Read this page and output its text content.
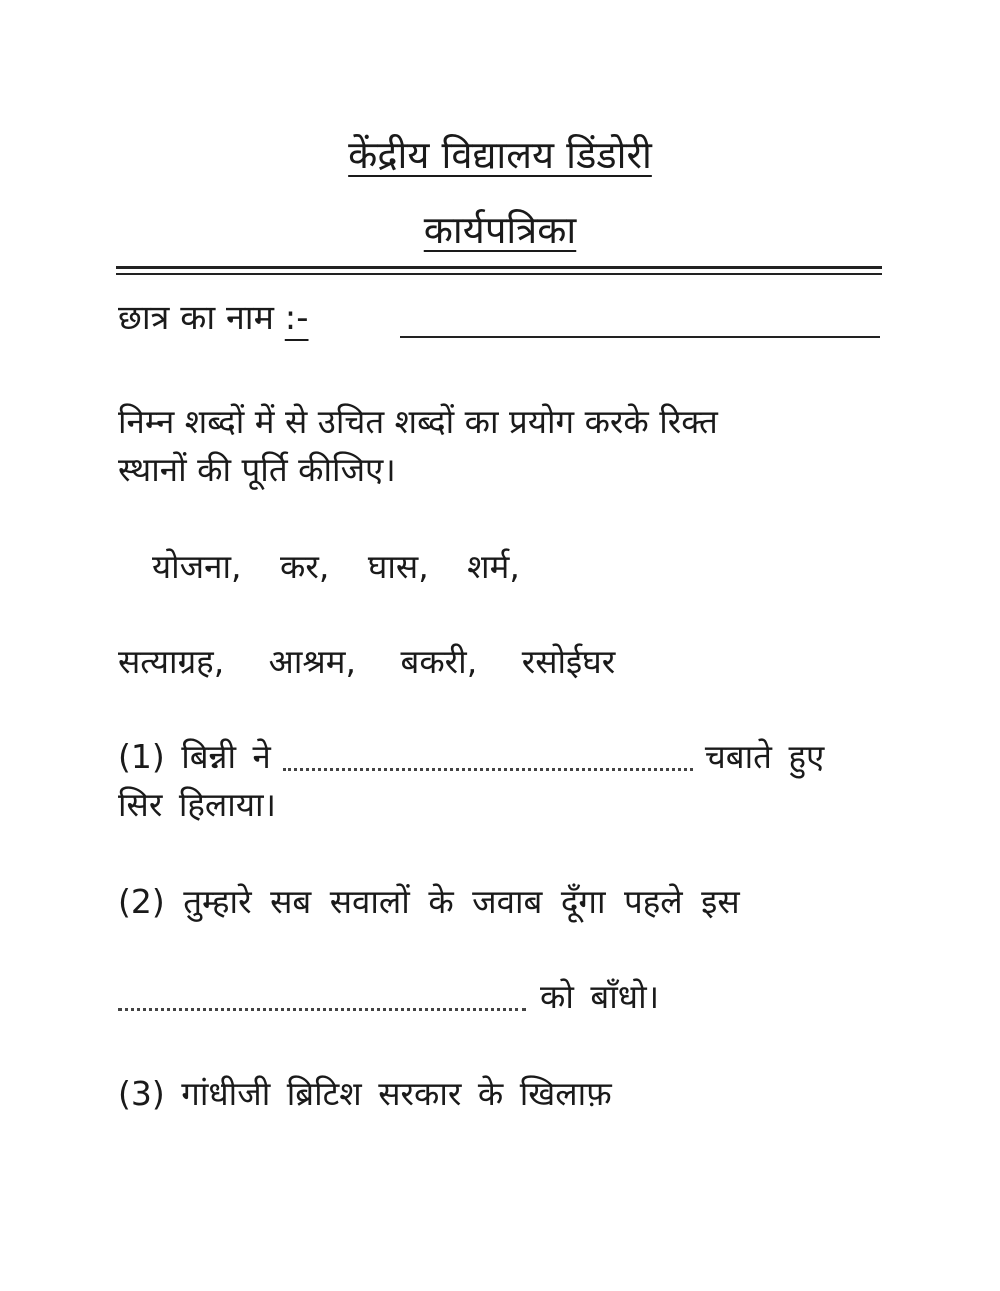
केंद्रीय विद्यालय डिंडोरी
कार्यपत्रिका
छात्र का नाम :-
निम्न शब्दों में से उचित शब्दों का प्रयोग करके रिक्त
स्थानों की पूर्ति कीजिए।
योजना, कर, घास, शर्म,
सत्याग्रह, आश्रम, बकरी, रसोईघर
(1) बिन्नी ने	चबाते हुए
सिर हिलाया।
(2) तुम्हारे सब सवालों के जवाब दूँगा पहले इस
को बाँधो।
(3) गांधीजी ब्रिटिश सरकार के खिलाफ़
